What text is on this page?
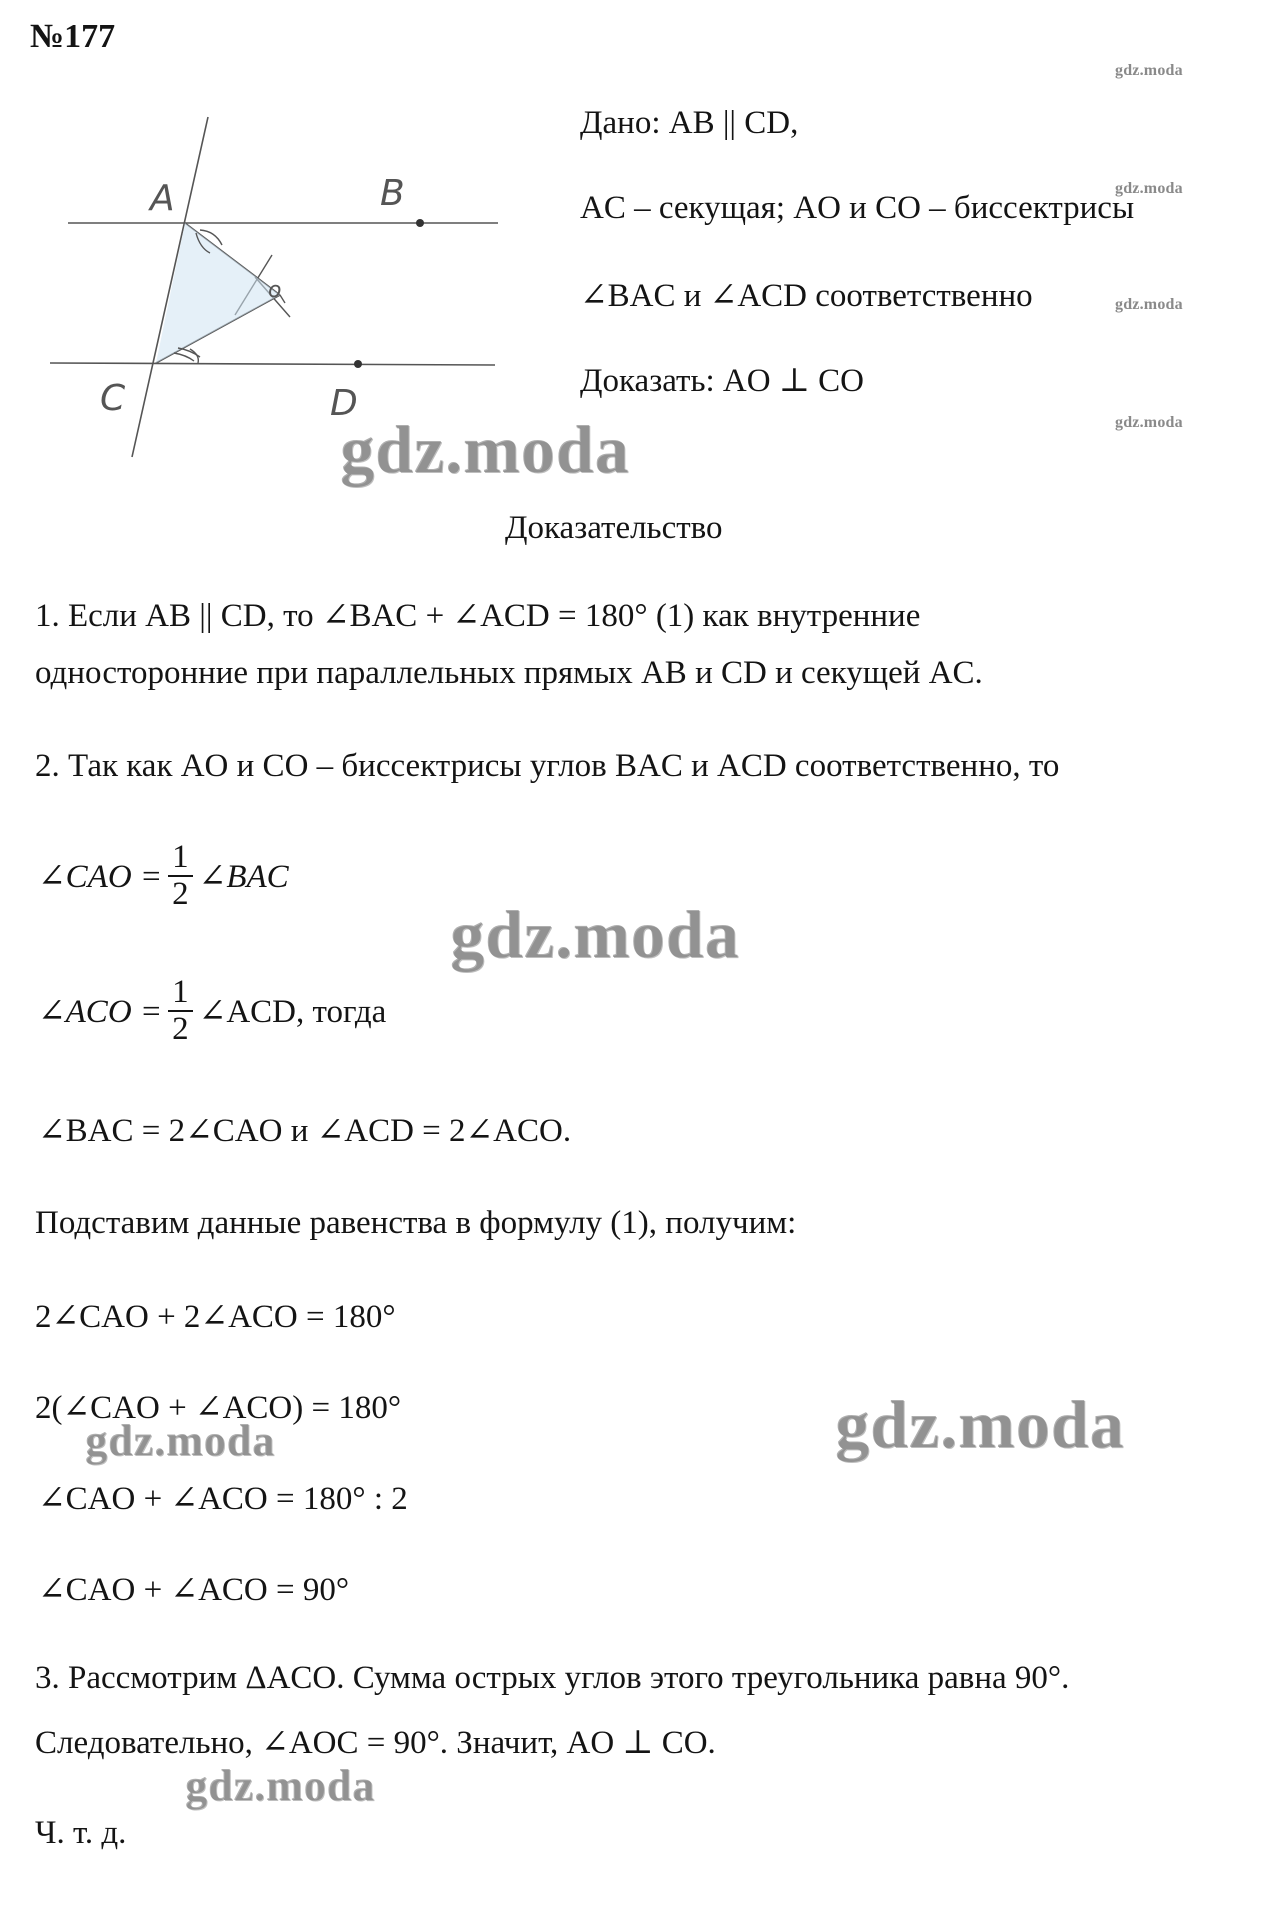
№177
A	B
C	D
o
Дано: AB || CD,
AC – секущая; AO и CO – биссектрисы
∠BAC и ∠ACD соответственно
Доказать: AO ⊥ CO
gdz.moda
gdz.moda
gdz.moda
gdz.moda
gdz.moda
gdz.moda
gdz.moda
gdz.moda
gdz.moda
Доказательство
1. Если AB || CD, то ∠BAC + ∠ACD = 180° (1) как внутренние
односторонние при параллельных прямых AB и CD и секущей AC.
2. Так как AO и CO – биссектрисы углов BAC и ACD соответственно, то
∠CAO = $\frac{1}{2}$ ∠BAC
∠ACO = $\frac{1}{2}$ ∠ACD, тогда
∠BAC = 2∠CAO и ∠ACD = 2∠ACO.
Подставим данные равенства в формулу (1), получим:
2∠CAO + 2∠ACO = 180°
2(∠CAO + ∠ACO) = 180°
∠CAO + ∠ACO = 180° : 2
∠CAO + ∠ACO = 90°
3. Рассмотрим ΔACO. Сумма острых углов этого треугольника равна 90°.
Следовательно, ∠AOC = 90°. Значит, AO ⊥ CO.
Ч. т. д.
